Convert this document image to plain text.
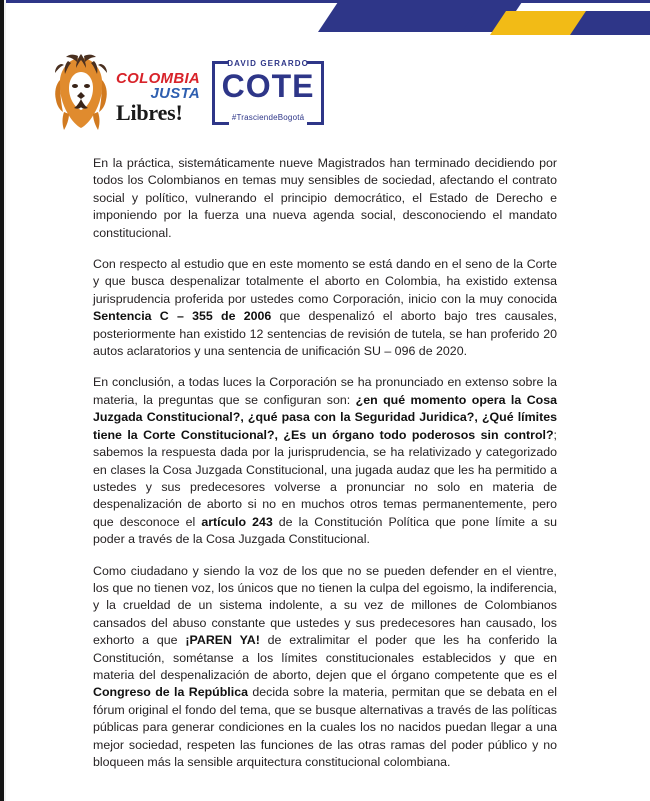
COLOMBIA
JUSTA
Libres!
DAVID GERARDO
COTE
#TrasciendeBogotá

En la práctica, sistemáticamente nueve Magistrados han terminado decidiendo por todos los Colombianos en temas muy sensibles de sociedad, afectando el contrato social y político, vulnerando el principio democrático, el Estado de Derecho e imponiendo por la fuerza una nueva agenda social, desconociendo el mandato constitucional.

Con respecto al estudio que en este momento se está dando en el seno de la Corte y que busca despenalizar totalmente el aborto en Colombia, ha existido extensa jurisprudencia proferida por ustedes como Corporación, inicio con la muy conocida Sentencia C – 355 de 2006 que despenalizó el aborto bajo tres causales, posteriormente han existido 12 sentencias de revisión de tutela, se han proferido 20 autos aclaratorios y una sentencia de unificación SU – 096 de 2020.

En conclusión, a todas luces la Corporación se ha pronunciado en extenso sobre la materia, la preguntas que se configuran son: ¿en qué momento opera la Cosa Juzgada Constitucional?, ¿qué pasa con la Seguridad Juridica?, ¿Qué límites tiene la Corte Constitucional?, ¿Es un órgano todo poderosos sin control?; sabemos la respuesta dada por la jurisprudencia, se ha relativizado y categorizado en clases la Cosa Juzgada Constitucional, una jugada audaz que les ha permitido a ustedes y sus predecesores volverse a pronunciar no solo en materia de despenalización de aborto si no en muchos otros temas permanentemente, pero que desconoce el artículo 243 de la Constitución Política que pone límite a su poder a través de la Cosa Juzgada Constitucional.

Como ciudadano y siendo la voz de los que no se pueden defender en el vientre, los que no tienen voz, los únicos que no tienen la culpa del egoismo, la indiferencia, y la crueldad de un sistema indolente, a su vez de millones de Colombianos cansados del abuso constante que ustedes y sus predecesores han causado, los exhorto a que ¡PAREN YA! de extralimitar el poder que les ha conferido la Constitución, sométanse a los límites constitucionales establecidos y que en materia del despenalización de aborto, dejen que el órgano competente que es el Congreso de la República decida sobre la materia, permitan que se debata en el fórum original el fondo del tema, que se busque alternativas a través de las políticas públicas para generar condiciones en la cuales los no nacidos puedan llegar a una mejor sociedad, respeten las funciones de las otras ramas del poder público y no bloqueen más la sensible arquitectura constitucional colombiana.
